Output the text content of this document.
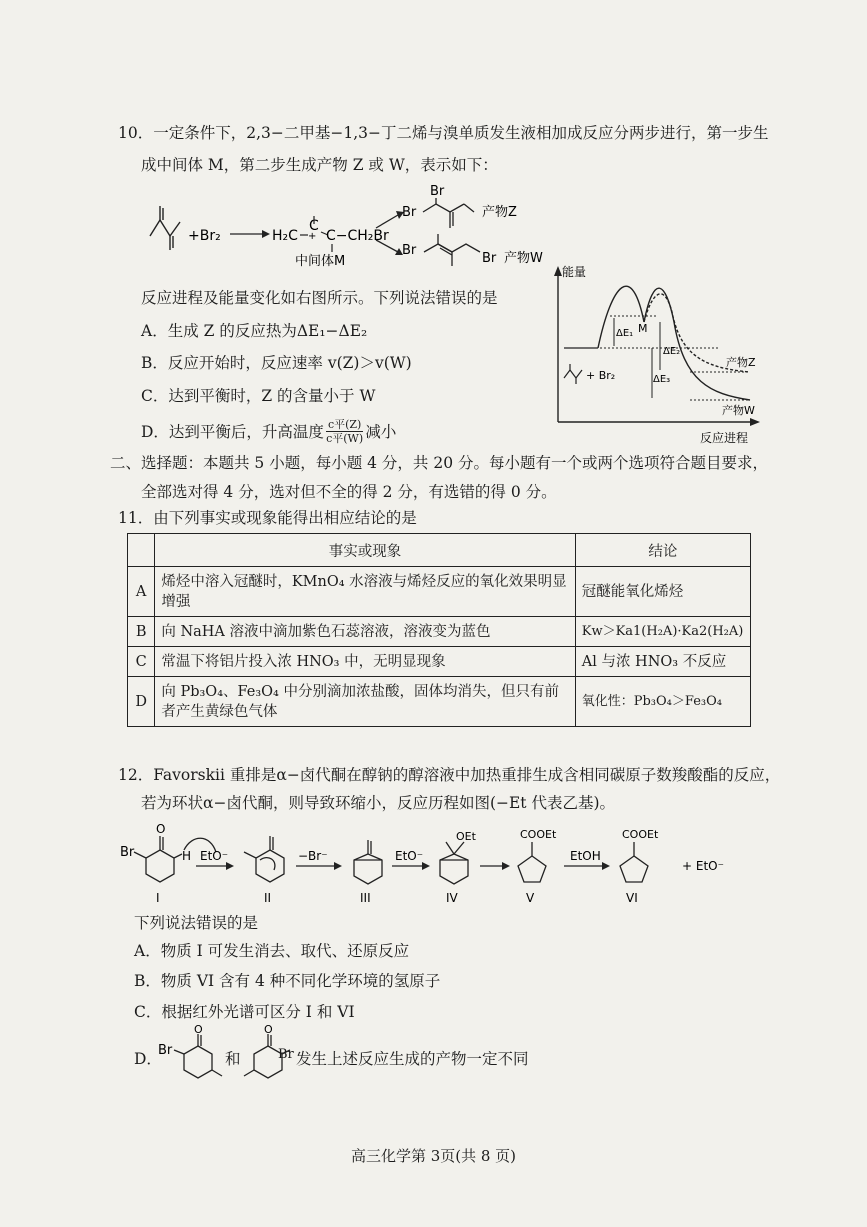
10．一定条件下，2,3−二甲基−1,3−丁二烯与溴单质发生液相加成反应分两步进行，第一步生
成中间体 M，第二步生成产物 Z 或 W，表示如下：
+Br₂	H₂C
C
+ C−CH₂Br
中间体M
Br
Br	产物Z
Br
Br 产物W
反应进程及能量变化如右图所示。下列说法错误的是
A．生成 Z 的反应热为ΔE₁−ΔE₂
B．反应开始时，反应速率 v(Z)＞v(W)
C．达到平衡时，Z 的含量小于 W
D．达到平衡后，升高温度 c平(Z)
c平(W) 减小
能量
反应进程
ΔE₁ M
ΔE₂
ΔE₃
+ Br₂
产物Z
产物W
二、选择题：本题共 5 小题，每小题 4 分，共 20 分。每小题有一个或两个选项符合题目要求，
全部选对得 4 分，选对但不全的得 2 分，有选错的得 0 分。
11．由下列事实或现象能得出相应结论的是
	事实或现象	结论
A	烯烃中溶入冠醚时，KMnO₄ 水溶液与烯烃反应的氧化效果明显增强	冠醚能氧化烯烃
B	向 NaHA 溶液中滴加紫色石蕊溶液，溶液变为蓝色	Kw＞Ka1(H₂A)·Ka2(H₂A)
C	常温下将铝片投入浓 HNO₃ 中，无明显现象	Al 与浓 HNO₃ 不反应
D	向 Pb₃O₄、Fe₃O₄ 中分别滴加浓盐酸，固体均消失，但只有前者产生黄绿色气体	氧化性：Pb₃O₄＞Fe₃O₄
12．Favorskii 重排是α−卤代酮在醇钠的醇溶液中加热重排生成含相同碳原子数羧酸酯的反应，
若为环状α−卤代酮，则导致环缩小，反应历程如图(−Et 代表乙基)。
Br
O
H EtO⁻	−Br⁻	EtO⁻
OEt	COOEt
EtOH
COOEt
+ EtO⁻
I	II	III	IV	V	VI
下列说法错误的是
A．物质 I 可发生消去、取代、还原反应
B．物质 VI 含有 4 种不同化学环境的氢原子
C．根据红外光谱可区分 I 和 VI
D．
Br
O	O
和	Br 发生上述反应生成的产物一定不同
高三化学第 3页(共 8 页)
